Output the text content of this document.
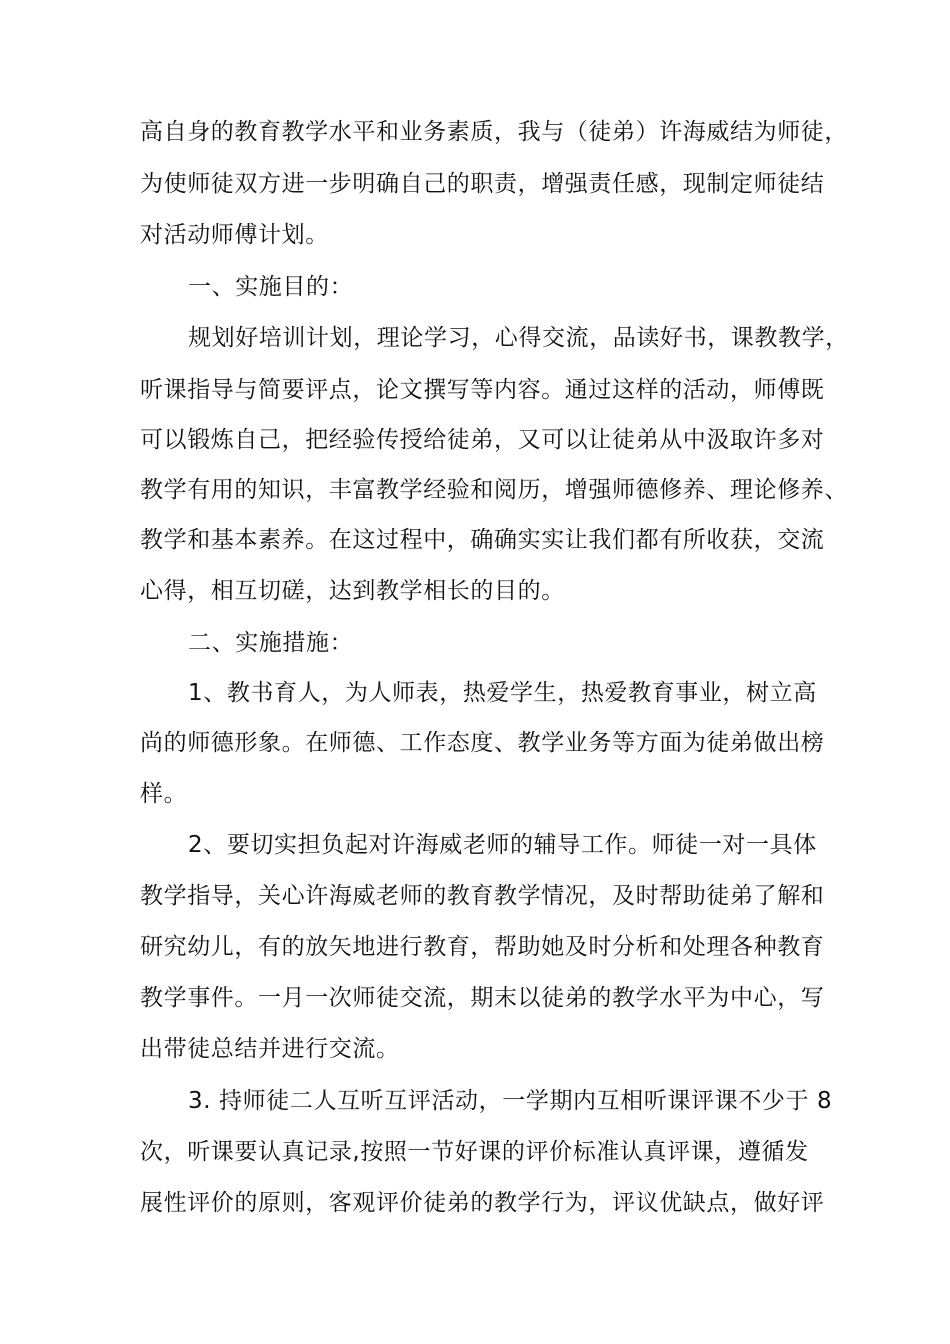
高自身的教育教学水平和业务素质，我与（徒弟）许海威结为师徒，
为使师徒双方进一步明确自己的职责，增强责任感，现制定师徒结
对活动师傅计划。
一、实施目的：
规划好培训计划，理论学习，心得交流，品读好书，课教教学，
听课指导与简要评点，论文撰写等内容。通过这样的活动，师傅既
可以锻炼自己，把经验传授给徒弟，又可以让徒弟从中汲取许多对
教学有用的知识，丰富教学经验和阅历，增强师德修养、理论修养、
教学和基本素养。在这过程中，确确实实让我们都有所收获，交流
心得，相互切磋，达到教学相长的目的。
二、实施措施：
1、教书育人，为人师表，热爱学生，热爱教育事业，树立高
尚的师德形象。在师德、工作态度、教学业务等方面为徒弟做出榜
样。
2、要切实担负起对许海威老师的辅导工作。师徒一对一具体
教学指导，关心许海威老师的教育教学情况，及时帮助徒弟了解和
研究幼儿，有的放矢地进行教育，帮助她及时分析和处理各种教育
教学事件。一月一次师徒交流，期末以徒弟的教学水平为中心，写
出带徒总结并进行交流。
3. 持师徒二人互听互评活动，一学期内互相听课评课不少于 8
次，听课要认真记录,按照一节好课的评价标准认真评课，遵循发
展性评价的原则，客观评价徒弟的教学行为，评议优缺点，做好评
